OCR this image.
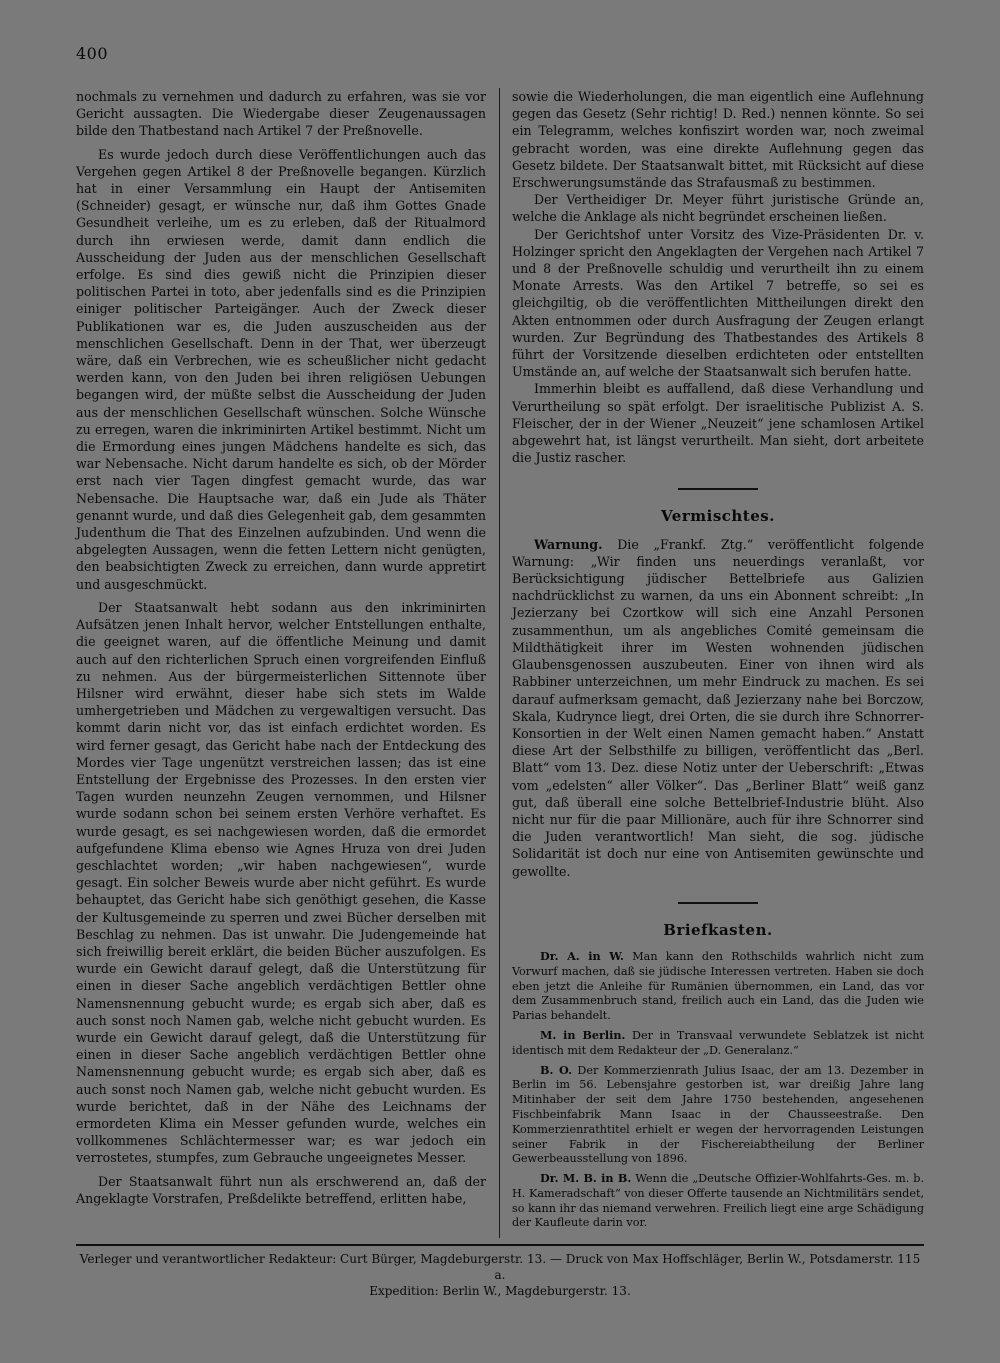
400

nochmals zu vernehmen und dadurch zu erfahren, was sie vor Gericht aussagten. Die Wiedergabe dieser Zeugenaussagen bilde den Thatbestand nach Artikel 7 der Preßnovelle.

Es wurde jedoch durch diese Veröffentlichungen auch das Vergehen gegen Artikel 8 der Preßnovelle begangen. Kürzlich hat in einer Versammlung ein Haupt der Antisemiten (Schneider) gesagt, er wünsche nur, daß ihm Gottes Gnade Gesundheit verleihe, um es zu erleben, daß der Ritualmord durch ihn erwiesen werde, damit dann endlich die Ausscheidung der Juden aus der menschlichen Gesellschaft erfolge. Es sind dies gewiß nicht die Prinzipien dieser politischen Partei in toto, aber jedenfalls sind es die Prinzipien einiger politischer Parteigänger. Auch der Zweck dieser Publikationen war es, die Juden auszuscheiden aus der menschlichen Gesellschaft. Denn in der That, wer überzeugt wäre, daß ein Verbrechen, wie es scheußlicher nicht gedacht werden kann, von den Juden bei ihren religiösen Uebungen begangen wird, der müßte selbst die Ausscheidung der Juden aus der menschlichen Gesellschaft wünschen. Solche Wünsche zu erregen, waren die inkriminirten Artikel bestimmt. Nicht um die Ermordung eines jungen Mädchens handelte es sich, das war Nebensache. Nicht darum handelte es sich, ob der Mörder erst nach vier Tagen dingfest gemacht wurde, das war Nebensache. Die Hauptsache war, daß ein Jude als Thäter genannt wurde, und daß dies Gelegenheit gab, dem gesammten Judenthum die That des Einzelnen aufzubinden. Und wenn die abgelegten Aussagen, wenn die fetten Lettern nicht genügten, den beabsichtigten Zweck zu erreichen, dann wurde appretirt und ausgeschmückt.

Der Staatsanwalt hebt sodann aus den inkriminirten Aufsätzen jenen Inhalt hervor, welcher Entstellungen enthalte, die geeignet waren, auf die öffentliche Meinung und damit auch auf den richterlichen Spruch einen vorgreifenden Einfluß zu nehmen. Aus der bürgermeisterlichen Sittennote über Hilsner wird erwähnt, dieser habe sich stets im Walde umhergetrieben und Mädchen zu vergewaltigen versucht. Das kommt darin nicht vor, das ist einfach erdichtet worden. Es wird ferner gesagt, das Gericht habe nach der Entdeckung des Mordes vier Tage ungenützt verstreichen lassen; das ist eine Entstellung der Ergebnisse des Prozesses. In den ersten vier Tagen wurden neunzehn Zeugen vernommen, und Hilsner wurde sodann schon bei seinem ersten Verhöre verhaftet. Es wurde gesagt, es sei nachgewiesen worden, daß die ermordet aufgefundene Klima ebenso wie Agnes Hruza von drei Juden geschlachtet worden; „wir haben nachgewiesen“, wurde gesagt. Ein solcher Beweis wurde aber nicht geführt. Es wurde behauptet, das Gericht habe sich genöthigt gesehen, die Kasse der Kultusgemeinde zu sperren und zwei Bücher derselben mit Beschlag zu nehmen. Das ist unwahr. Die Judengemeinde hat sich freiwillig bereit erklärt, die beiden Bücher auszufolgen. Es wurde ein Gewicht darauf gelegt, daß die Unterstützung für einen in dieser Sache angeblich verdächtigen Bettler ohne Namensnennung gebucht wurde; es ergab sich aber, daß es auch sonst noch Namen gab, welche nicht gebucht wurden. Es wurde ein Gewicht darauf gelegt, daß die Unterstützung für einen in dieser Sache angeblich verdächtigen Bettler ohne Namensnennung gebucht wurde; es ergab sich aber, daß es auch sonst noch Namen gab, welche nicht gebucht wurden. Es wurde berichtet, daß in der Nähe des Leichnams der ermordeten Klima ein Messer gefunden wurde, welches ein vollkommenes Schlächtermesser war; es war jedoch ein verrostetes, stumpfes, zum Gebrauche ungeeignetes Messer.

Der Staatsanwalt führt nun als erschwerend an, daß der Angeklagte Vorstrafen, Preßdelikte betreffend, erlitten habe,

sowie die Wiederholungen, die man eigentlich eine Auflehnung gegen das Gesetz (Sehr richtig! D. Red.) nennen könnte. So sei ein Telegramm, welches konfiszirt worden war, noch zweimal gebracht worden, was eine direkte Auflehnung gegen das Gesetz bildete. Der Staatsanwalt bittet, mit Rücksicht auf diese Erschwerungsumstände das Strafausmaß zu bestimmen.

Der Vertheidiger Dr. Meyer führt juristische Gründe an, welche die Anklage als nicht begründet erscheinen ließen.

Der Gerichtshof unter Vorsitz des Vize-Präsidenten Dr. v. Holzinger spricht den Angeklagten der Vergehen nach Artikel 7 und 8 der Preßnovelle schuldig und verurtheilt ihn zu einem Monate Arrests. Was den Artikel 7 betreffe, so sei es gleichgiltig, ob die veröffentlichten Mittheilungen direkt den Akten entnommen oder durch Ausfragung der Zeugen erlangt wurden. Zur Begründung des Thatbestandes des Artikels 8 führt der Vorsitzende dieselben erdichteten oder entstellten Umstände an, auf welche der Staatsanwalt sich berufen hatte.

Immerhin bleibt es auffallend, daß diese Verhandlung und Verurtheilung so spät erfolgt. Der israelitische Publizist A. S. Fleischer, der in der Wiener „Neuzeit“ jene schamlosen Artikel abgewehrt hat, ist längst verurtheilt. Man sieht, dort arbeitete die Justiz rascher.

Vermischtes.

Warnung. Die „Frankf. Ztg.“ veröffentlicht folgende Warnung: „Wir finden uns neuerdings veranlaßt, vor Berücksichtigung jüdischer Bettelbriefe aus Galizien nachdrücklichst zu warnen, da uns ein Abonnent schreibt: „In Jezierzany bei Czortkow will sich eine Anzahl Personen zusammenthun, um als angebliches Comité gemeinsam die Mildthätigkeit ihrer im Westen wohnenden jüdischen Glaubensgenossen auszubeuten. Einer von ihnen wird als Rabbiner unterzeichnen, um mehr Eindruck zu machen. Es sei darauf aufmerksam gemacht, daß Jezierzany nahe bei Borczow, Skala, Kudrynce liegt, drei Orten, die sie durch ihre Schnorrer-Konsortien in der Welt einen Namen gemacht haben.“ Anstatt diese Art der Selbsthilfe zu billigen, veröffentlicht das „Berl. Blatt“ vom 13. Dez. diese Notiz unter der Ueberschrift: „Etwas vom „edelsten“ aller Völker“. Das „Berliner Blatt“ weiß ganz gut, daß überall eine solche Bettelbrief-Industrie blüht. Also nicht nur für die paar Millionäre, auch für ihre Schnorrer sind die Juden verantwortlich! Man sieht, die sog. jüdische Solidarität ist doch nur eine von Antisemiten gewünschte und gewollte.

Briefkasten.

Dr. A. in W. Man kann den Rothschilds wahrlich nicht zum Vorwurf machen, daß sie jüdische Interessen vertreten. Haben sie doch eben jetzt die Anleihe für Rumänien übernommen, ein Land, das vor dem Zusammenbruch stand, freilich auch ein Land, das die Juden wie Parias behandelt.

M. in Berlin. Der in Transvaal verwundete Seblatzek ist nicht identisch mit dem Redakteur der „D. Generalanz.“

B. O. Der Kommerzienrath Julius Isaac, der am 13. Dezember in Berlin im 56. Lebensjahre gestorben ist, war dreißig Jahre lang Mitinhaber der seit dem Jahre 1750 bestehenden, angesehenen Fischbeinfabrik Mann Isaac in der Chausseestraße. Den Kommerzienrathtitel erhielt er wegen der hervorragenden Leistungen seiner Fabrik in der Fischereiabtheilung der Berliner Gewerbeausstellung von 1896.

Dr. M. B. in B. Wenn die „Deutsche Offizier-Wohlfahrts-Ges. m. b. H. Kameradschaft“ von dieser Offerte tausende an Nichtmilitärs sendet, so kann ihr das niemand verwehren. Freilich liegt eine arge Schädigung der Kaufleute darin vor.

Verleger und verantwortlicher Redakteur: Curt Bürger, Magdeburgerstr. 13. — Druck von Max Hoffschläger, Berlin W., Potsdamerstr. 115 a.
Expedition: Berlin W., Magdeburgerstr. 13.
